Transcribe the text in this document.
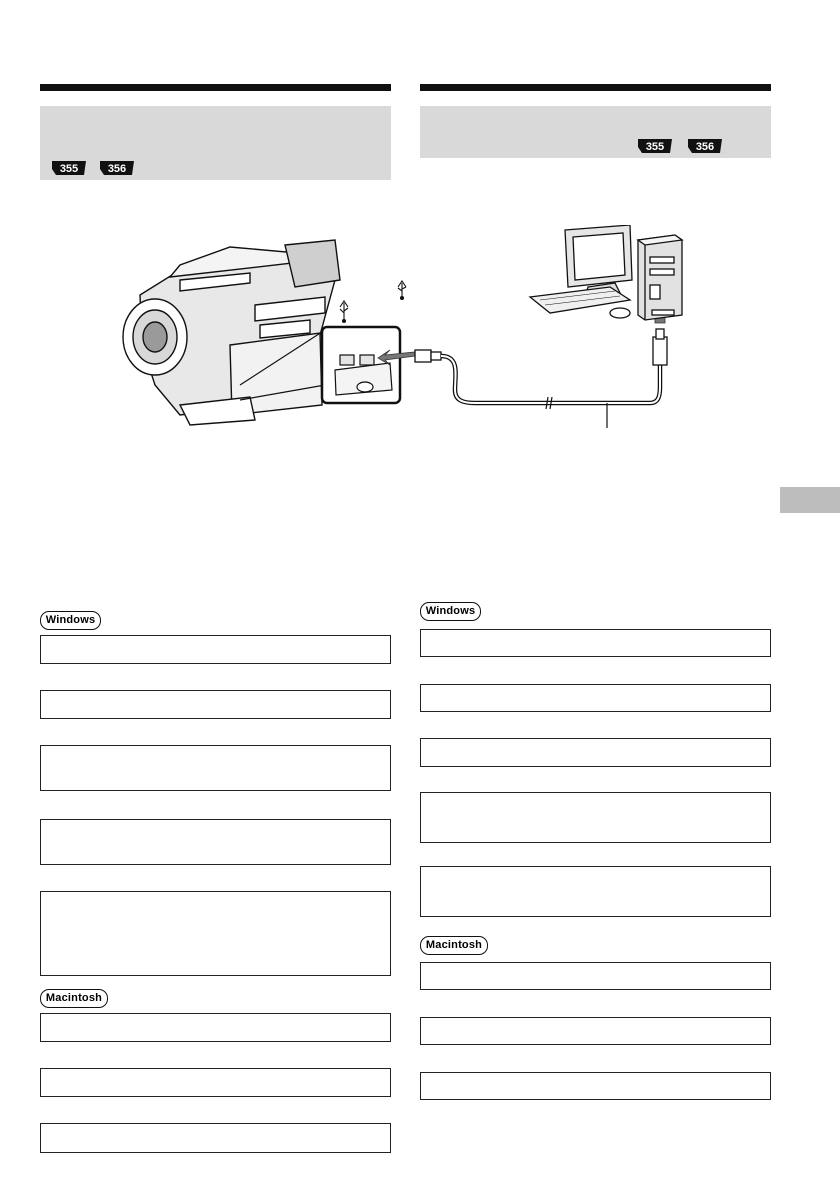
355	356
355	356
Windows
Macintosh
Windows
Macintosh
